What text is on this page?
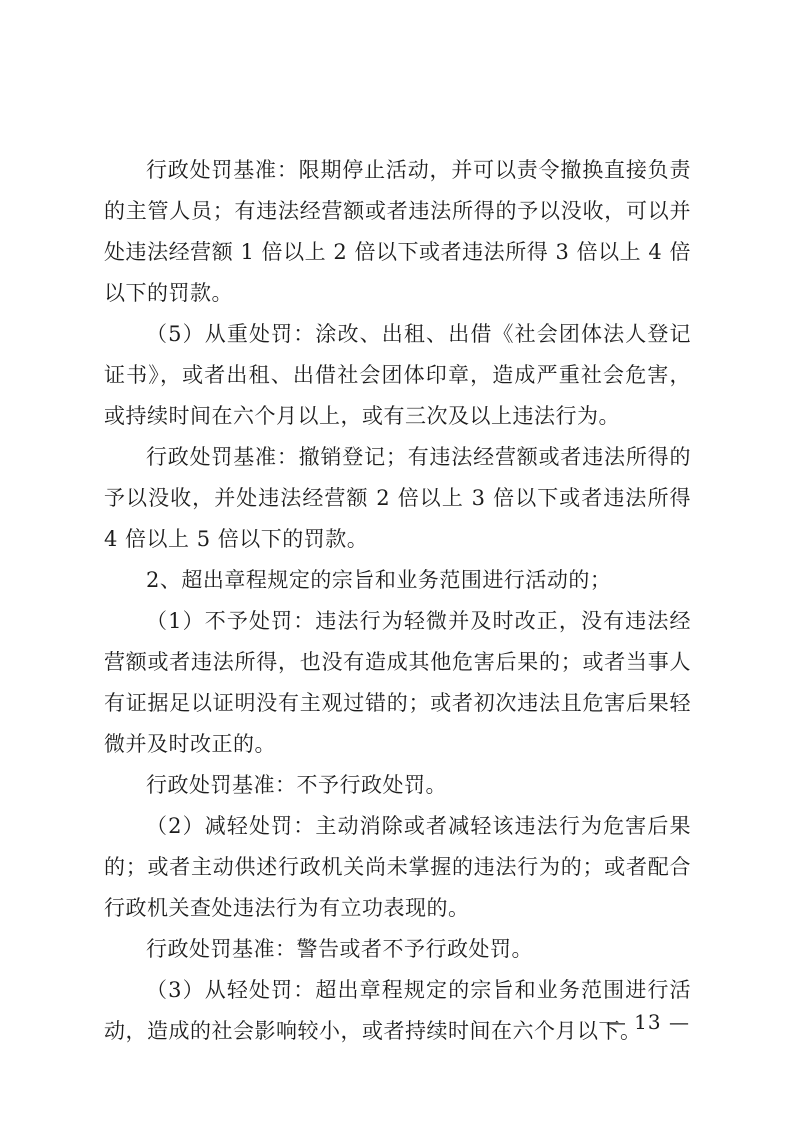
行政处罚基准：限期停止活动，并可以责令撤换直接负责的主管人员；有违法经营额或者违法所得的予以没收，可以并处违法经营额 1 倍以上 2 倍以下或者违法所得 3 倍以上 4 倍以下的罚款。

（5）从重处罚：涂改、出租、出借《社会团体法人登记证书》，或者出租、出借社会团体印章，造成严重社会危害，或持续时间在六个月以上，或有三次及以上违法行为。

行政处罚基准：撤销登记；有违法经营额或者违法所得的予以没收，并处违法经营额 2 倍以上 3 倍以下或者违法所得 4 倍以上 5 倍以下的罚款。

2、超出章程规定的宗旨和业务范围进行活动的；

（1）不予处罚：违法行为轻微并及时改正，没有违法经营额或者违法所得，也没有造成其他危害后果的；或者当事人有证据足以证明没有主观过错的；或者初次违法且危害后果轻微并及时改正的。

行政处罚基准：不予行政处罚。

（2）减轻处罚：主动消除或者减轻该违法行为危害后果的；或者主动供述行政机关尚未掌握的违法行为的；或者配合行政机关查处违法行为有立功表现的。

行政处罚基准：警告或者不予行政处罚。

（3）从轻处罚：超出章程规定的宗旨和业务范围进行活动，造成的社会影响较小，或者持续时间在六个月以下。

— 13 —
